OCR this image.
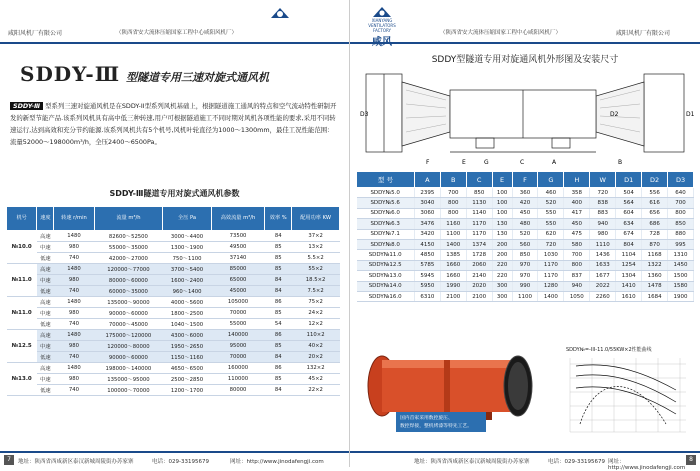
咸阳风机厂有限公司	（陕西省安大流体压缩国家工程中心咸阳风机厂）
SDDY-Ⅲ 型隧道专用三速对旋式通风机
SDDY-Ⅲ 型系列三速对旋通风机是在SDDY-II型系列风机基础上，根据隧道施工通风的特点和空气流动特性研制开发的新型节能产品.该系列风机具有高中低三种转速,用户可根据隧道施工不同时期对风机各项性能的要求,采用不同转速运行,达到高效和充分节约能源.该系列风机共有5个机号,风机叶轮直径为1000～1300mm，最佳工况性能范围：流量52000～198000m³/h，全压2400～6500Pa。
SDDY-Ⅲ隧道专用对旋式通风机参数
机号	速度	转速 r/min	流量 m³/h	全压 Pa	高效流量 m³/h	效率 %	配用功率 KW
№10.0	高速	1480	82600～52500	3000～4400	73500	84	37×2
	中速	980	55000～35000	1300～1900	49500	85	13×2
	低速	740	42000～27000	750～1100	37140	85	5.5×2
№11.0	高速	1480	120000～77000	3700～5400	85000	85	55×2
	中速	980	80000～60000	1600～2400	65000	84	18.5×2
	低速	740	60000～35000	960～1400	45000	84	7.5×2
№11.0	高速	1480	135000～90000	4000～5600	105000	86	75×2
	中速	980	90000～60000	1800～2500	70000	85	24×2
	低速	740	70000～45000	1040～1500	55000	54	12×2
№12.5	高速	1480	175000～120000	4300～6000	140000	86	110×2
	中速	980	120000～80000	1950～2650	95000	85	40×2
	低速	740	90000～60000	1150～1160	70000	84	20×2
№13.0	高速	1480	198000～140000	4650～6500	160000	86	132×2
	中速	980	135000～95000	2500～2850	110000	85	45×2
	低速	740	100000～70000	1200～1700	80000	84	22×2
地址：陕西省西咸新区泰汉新城周陵街办苏家寨	电话：029-33195679	网址：http://www.jinodafengji.com
7
XIANYANG VENTILATORS FACTORY
咸风
（陕西省安大流体压缩国家工程中心咸阳风机厂）	咸阳风机厂有限公司
SDDY型隧道专用对旋通风机外形图及安装尺寸
D3	D2	D1
F	E	G	C	A	B
型 号	A	B	C	E	F	G	H	W	D1	D2	D3
SDDY№5.0	2395	700	850	100	360	460	358	720	504	556	640
SDDY№5.6	3040	800	1130	100	420	520	400	838	564	616	700
SDDY№6.0	3060	800	1140	100	450	550	417	883	604	656	800
SDDY№6.3	3476	1160	1170	130	480	550	450	940	634	686	850
SDDY№7.1	3420	1100	1170	130	520	620	475	980	674	728	880
SDDY№8.0	4150	1400	1374	200	560	720	580	1110	804	870	995
SDDY№11.0	4850	1385	1728	200	850	1030	700	1436	1104	1168	1310
SDDY№12.5	5785	1660	2060	220	970	1170	800	1633	1254	1322	1450
SDDY№13.0	5945	1660	2140	220	970	1170	837	1677	1304	1360	1500
SDDY№14.0	5950	1990	2020	300	990	1280	940	2022	1410	1478	1580
SDDY№16.0	6310	2100	2100	300	1100	1400	1050	2260	1610	1684	1900
国内首家采用数控旋压、
数控焊接，整机烤漆等特先工艺。
SDDY№=-III-11.0/55KW×2性能曲线
地址：陕西省西咸新区泰汉新城周陵街办苏家寨	电话：029-33195679 网址：http://www.jinodafengji.com
8
